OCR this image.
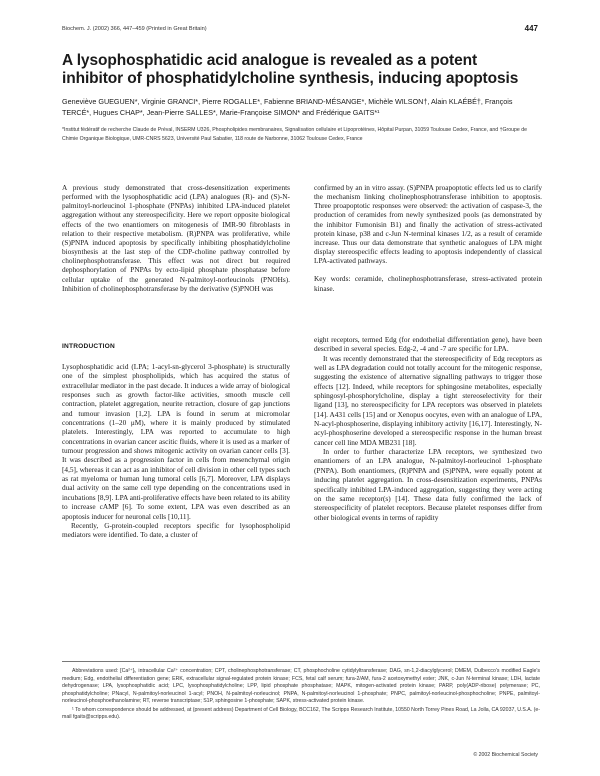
Biochem. J. (2002) 366, 447–459 (Printed in Great Britain)	447
A lysophosphatidic acid analogue is revealed as a potent inhibitor of phosphatidylcholine synthesis, inducing apoptosis
Geneviève GUEGUEN*, Virginie GRANCI*, Pierre ROGALLE*, Fabienne BRIAND-MÉSANGE*, Michèle WILSON†, Alain KLAÉBÉ†, François TERCÉ*, Hugues CHAP*, Jean-Pierre SALLES*, Marie-Françoise SIMON* and Frédérique GAITS*¹
*Institut fédératif de recherche Claude de Préval, INSERM U326, Phospholipides membranaires, Signalisation cellulaire et Lipoprotéines, Hôpital Purpan, 31059 Toulouse Cedex, France, and †Groupe de Chimie Organique Biologique, UMR-CNRS 5623, Université Paul Sabatier, 118 route de Narbonne, 31062 Toulouse Cedex, France
A previous study demonstrated that cross-desensitization experiments performed with the lysophosphatidic acid (LPA) analogues (R)- and (S)-N-palmitoyl-norleucinol 1-phosphate (PNPAs) inhibited LPA-induced platelet aggregation without any stereospecificity. Here we report opposite biological effects of the two enantiomers on mitogenesis of IMR-90 fibroblasts in relation to their respective metabolism. (R)PNPA was proliferative, while (S)PNPA induced apoptosis by specifically inhibiting phosphatidylcholine biosynthesis at the last step of the CDP-choline pathway controlled by cholinephosphotransferase. This effect was not direct but required dephosphorylation of PNPAs by ecto-lipid phosphate phosphatase before cellular uptake of the generated N-palmitoyl-norleucinols (PNOHs). Inhibition of cholinephosphotransferase by the derivative (S)PNOH was
confirmed by an in vitro assay. (S)PNPA proapoptotic effects led us to clarify the mechanism linking cholinephosphotransferase inhibition to apoptosis. Three proapoptotic responses were observed: the activation of caspase-3, the production of ceramides from newly synthesized pools (as demonstrated by the inhibitor Fumonisin B1) and finally the activation of stress-activated protein kinase, p38 and c-Jun N-terminal kinases 1/2, as a result of ceramide increase. Thus our data demonstrate that synthetic analogues of LPA might display stereospecific effects leading to apoptosis independently of classical LPA-activated pathways.
Key words: ceramide, cholinephosphotransferase, stress-activated protein kinase.
INTRODUCTION

Lysophosphatidic acid (LPA; 1-acyl-sn-glycerol 3-phosphate) is structurally one of the simplest phospholipids, which has acquired the status of extracellular mediator in the past decade. It induces a wide array of biological responses such as growth factor-like activities, smooth muscle cell contraction, platelet aggregation, neurite retraction, closure of gap junctions and tumour invasion [1,2]. LPA is found in serum at micromolar concentrations (1–20 μM), where it is mainly produced by stimulated platelets. Interestingly, LPA was reported to accumulate to high concentrations in ovarian cancer ascitic fluids, where it is used as a marker of tumour progression and shows mitogenic activity on ovarian cancer cells [3]. It was described as a progression factor in cells from mesenchymal origin [4,5], whereas it can act as an inhibitor of cell division in other cell types such as rat myeloma or human lung tumoral cells [6,7]. Moreover, LPA displays dual activity on the same cell type depending on the concentrations used in incubations [8,9]. LPA anti-proliferative effects have been related to its ability to increase cAMP [6]. To some extent, LPA was even described as an apoptosis inducer for neuronal cells [10,11].

Recently, G-protein-coupled receptors specific for lysophospholipid mediators were identified. To date, a cluster of

eight receptors, termed Edg (for endothelial differentiation gene), have been described in several species. Edg-2, -4 and -7 are specific for LPA.

It was recently demonstrated that the stereospecificity of Edg receptors as well as LPA degradation could not totally account for the mitogenic response, suggesting the existence of alternative signalling pathways to trigger those effects [12]. Indeed, while receptors for sphingosine metabolites, especially sphingosyl-phosphorylcholine, display a tight stereoselectivity for their ligand [13], no stereospecificity for LPA receptors was observed in platelets [14]. A431 cells [15] and or Xenopus oocytes, even with an analogue of LPA, N-acyl-phosphoserine, displaying inhibitory activity [16,17]. Interestingly, N-acyl-phosphoserine developed a stereospecific response in the human breast cancer cell line MDA MB231 [18].

In order to further characterize LPA receptors, we synthesized two enantiomers of an LPA analogue, N-palmitoyl-norleucinol 1-phosphate (PNPA). Both enantiomers, (R)PNPA and (S)PNPA, were equally potent at inducing platelet aggregation. In cross-desensitization experiments, PNPAs specifically inhibited LPA-induced aggregation, suggesting they were acting on the same receptor(s) [14]. These data fully confirmed the lack of stereospecificity of platelet receptors. Because platelet responses differ from other biological events in terms of rapidity

Abbreviations used: [Ca²⁺]ᵢ, intracellular Ca²⁺ concentration; CPT, cholinephosphotransferase; CT, phosphocholine cytidylyltransferase; DAG, sn-1,2-diacylglycerol; DMEM, Dulbecco's modified Eagle's medium; Edg, endothelial differentiation gene; ERK, extracellular signal-regulated protein kinase; FCS, fetal calf serum; fura-2/AM, fura-2 acetoxymethyl ester; JNK, c-Jun N-terminal kinase; LDH, lactate dehydrogenase; LPA, lysophosphatidic acid; LPC, lysophosphatidylcholine; LPP, lipid phosphate phosphatase; MAPK, mitogen-activated protein kinase; PARP, poly(ADP-ribose) polymerase; PC, phosphatidylcholine; PNacyl, N-palmitoyl-norleucinol 1-acyl; PNOH, N-palmitoyl-norleucinol; PNPA, N-palmitoyl-norleucinol 1-phosphate; PNPC, palmitoyl-norleucinol-phosphocholine; PNPE, palmitoyl-norleucinol-phosphoethanolamine; RT, reverse transcriptase; S1P, sphingosine 1-phosphate; SAPK, stress-activated protein kinase.

¹ To whom correspondence should be addressed, at (present address) Department of Cell Biology, BCC162, The Scripps Research Institute, 10550 North Torrey Pines Road, La Jolla, CA 92037, U.S.A. (e-mail fgaits@scripps.edu).

© 2002 Biochemical Society
